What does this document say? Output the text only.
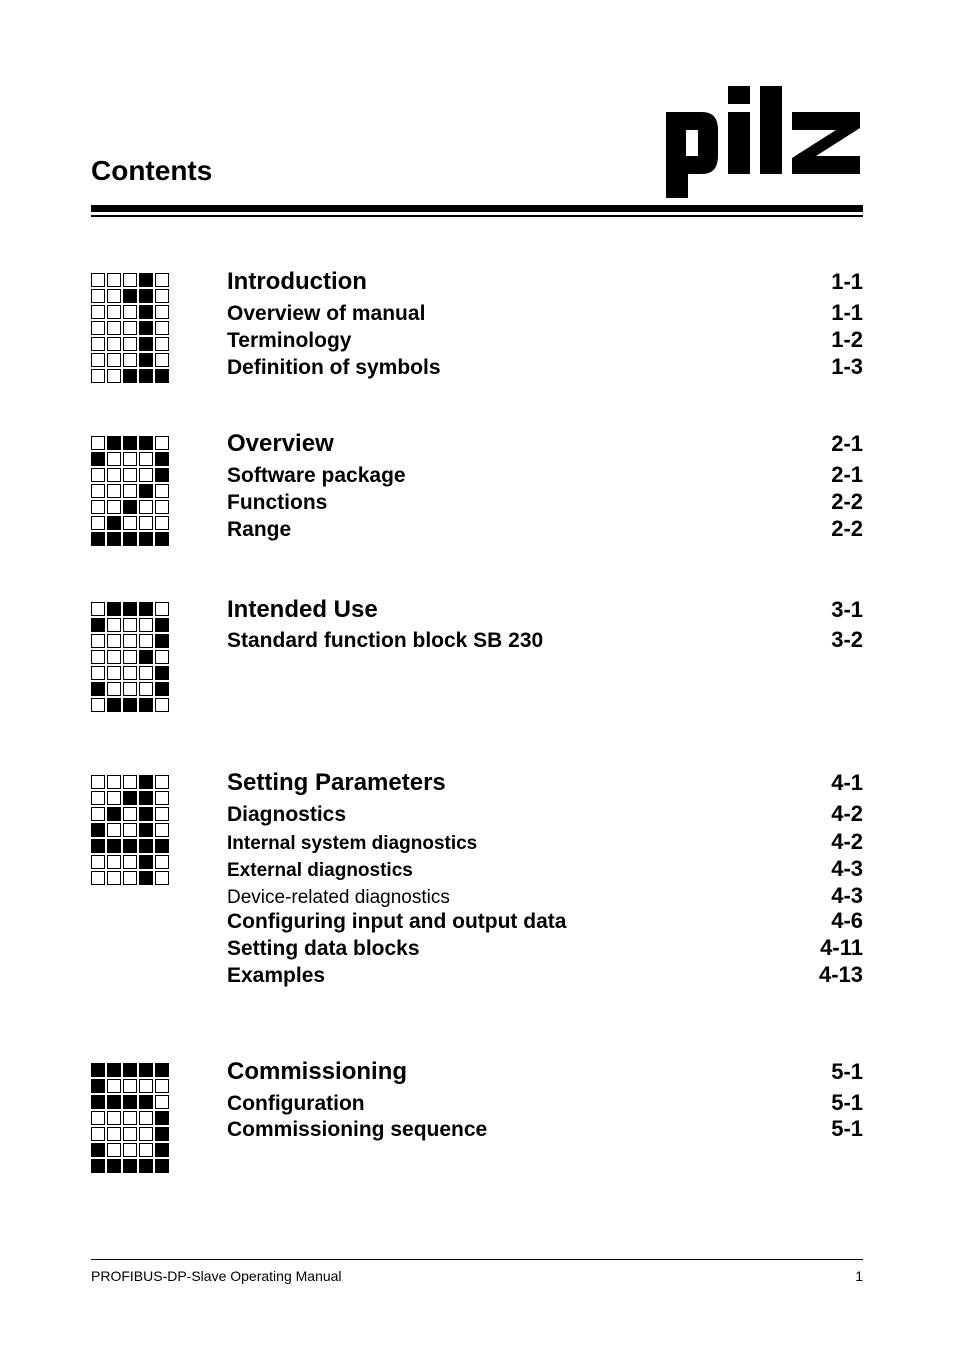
Contents
Introduction	1-1
Overview of manual	1-1
Terminology	1-2
Definition of symbols	1-3
Overview	2-1
Software package	2-1
Functions	2-2
Range	2-2
Intended Use	3-1
Standard function block SB 230	3-2
Setting Parameters	4-1
Diagnostics	4-2
Internal system diagnostics	4-2
External diagnostics	4-3
Device-related diagnostics	4-3
Configuring input and output data	4-6
Setting data blocks	4-11
Examples	4-13
Commissioning	5-1
Configuration	5-1
Commissioning sequence	5-1
PROFIBUS-DP-Slave Operating Manual	1
